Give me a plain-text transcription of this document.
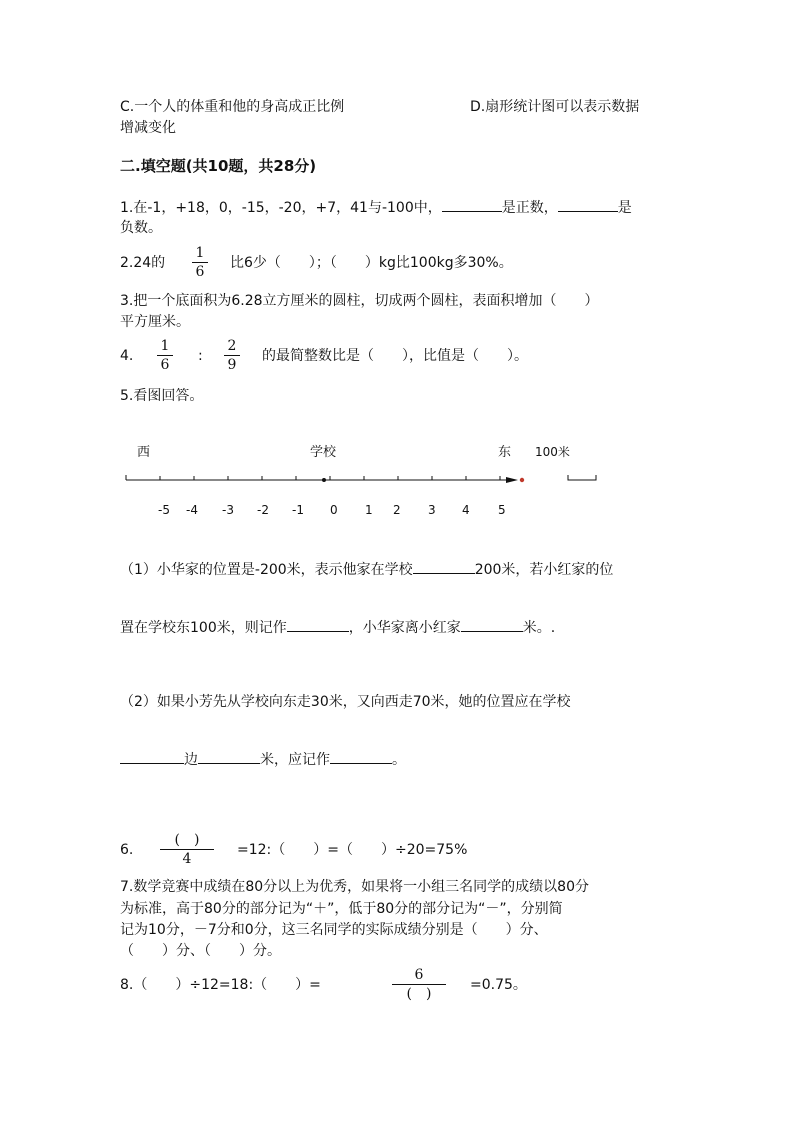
C.一个人的体重和他的身高成正比例	D.扇形统计图可以表示数据
增减变化
二.填空题(共10题，共28分)
1.在-1，+18，0，-15，-20，+7，41与-100中，	是正数，	是
负数。
2.24的
1
6
比6少（　　）；（　　）kg比100kg多30%。
3.把一个底面积为6.28立方厘米的圆柱，切成两个圆柱，表面积增加（　　）
平方厘米。
4.
1
6
:
2
9
的最简整数比是（　　），比值是（　　）。
5.看图回答。
西	学校	东 100米
-5 -4 -3 -2 -1 0 1 2 3 4 5
（1）小华家的位置是-200米，表示他家在学校	200米，若小红家的位
置在学校东100米，则记作	，小华家离小红家	米。.
（2）如果小芳先从学校向东走30米，又向西走70米，她的位置应在学校
边	米，应记作	。
6.
(　)
4
=12:（　　）=（　　）÷20=75%
7.数学竞赛中成绩在80分以上为优秀，如果将一小组三名同学的成绩以80分
为标准，高于80分的部分记为“＋”，低于80分的部分记为“－”，分别简
记为10分，－7分和0分，这三名同学的实际成绩分别是（　　）分、
（　　）分、（　　）分。
8.（　　）÷12=18:（　　）=
6
(　)
=0.75。
